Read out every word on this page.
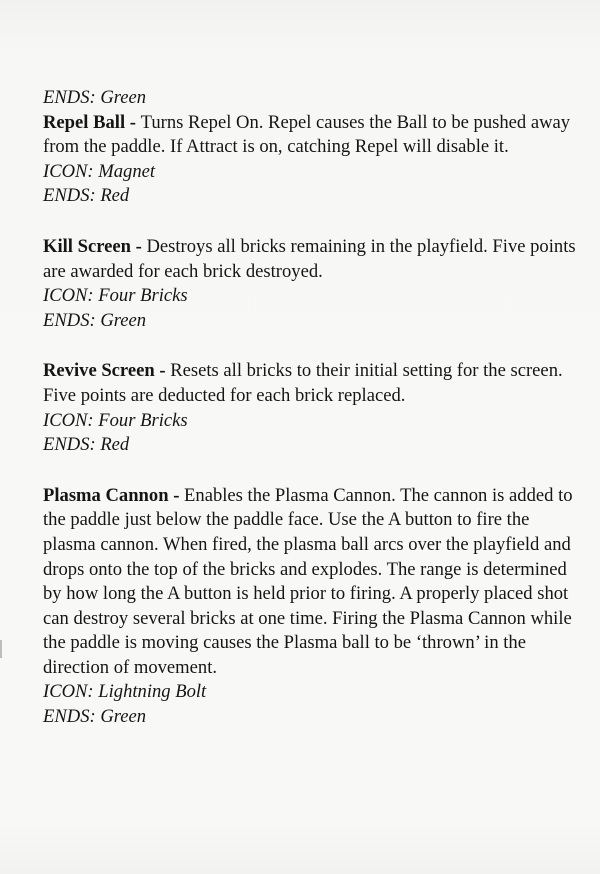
ENDS: Green

Repel Ball - Turns Repel On. Repel causes the Ball to be pushed away from the paddle. If Attract is on, catching Repel will disable it.

ICON: Magnet

ENDS: Red

Kill Screen - Destroys all bricks remaining in the playfield. Five points are awarded for each brick destroyed.

ICON: Four Bricks

ENDS: Green

Revive Screen - Resets all bricks to their initial setting for the screen. Five points are deducted for each brick replaced.

ICON: Four Bricks

ENDS: Red

Plasma Cannon - Enables the Plasma Cannon. The cannon is added to the paddle just below the paddle face. Use the A button to fire the plasma cannon. When fired, the plasma ball arcs over the playfield and drops onto the top of the bricks and explodes. The range is determined by how long the A button is held prior to firing. A properly placed shot can destroy several bricks at one time. Firing the Plasma Cannon while the paddle is moving causes the Plasma ball to be ‘thrown’ in the direction of movement.

ICON: Lightning Bolt

ENDS: Green
